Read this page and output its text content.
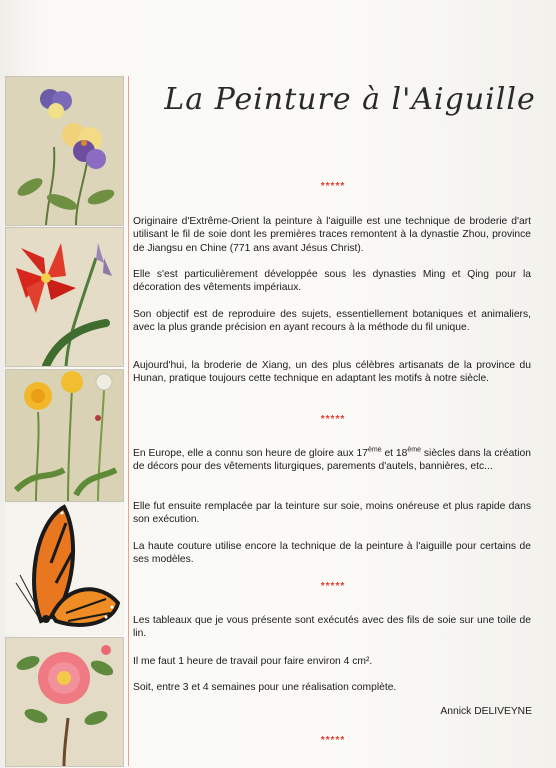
La Peinture à l'Aiguille
*****
Originaire d'Extrême-Orient la peinture à l'aiguille est une technique de broderie d'art utilisant le fil de soie dont les premières traces remontent à la dynastie Zhou, province de Jiangsu en Chine (771 ans avant Jésus Christ).
Elle s'est particulièrement développée sous les dynasties Ming et Qing pour la décoration des vêtements impériaux.
Son objectif est de reproduire des sujets, essentiellement botaniques et animaliers, avec la plus grande précision en ayant recours à la méthode du fil unique.
Aujourd'hui, la broderie de Xiang, un des plus célèbres artisanats de la province du Hunan, pratique toujours cette technique en adaptant les motifs à notre siècle.
*****
En Europe, elle a connu son heure de gloire aux 17ème et 18ème siècles dans la création de décors pour des vêtements liturgiques, parements d'autels, bannières, etc...
Elle fut ensuite remplacée par la teinture sur soie, moins onéreuse et plus rapide dans son exécution.
La haute couture utilise encore la technique de la peinture à l'aiguille pour certains de ses modèles.
*****
Les tableaux que je vous présente sont exécutés avec des fils de soie sur une toile de lin.
Il me faut 1 heure de travail pour faire environ 4 cm².
Soit, entre 3 et 4 semaines pour une réalisation complète.
Annick DELIVEYNE
*****
